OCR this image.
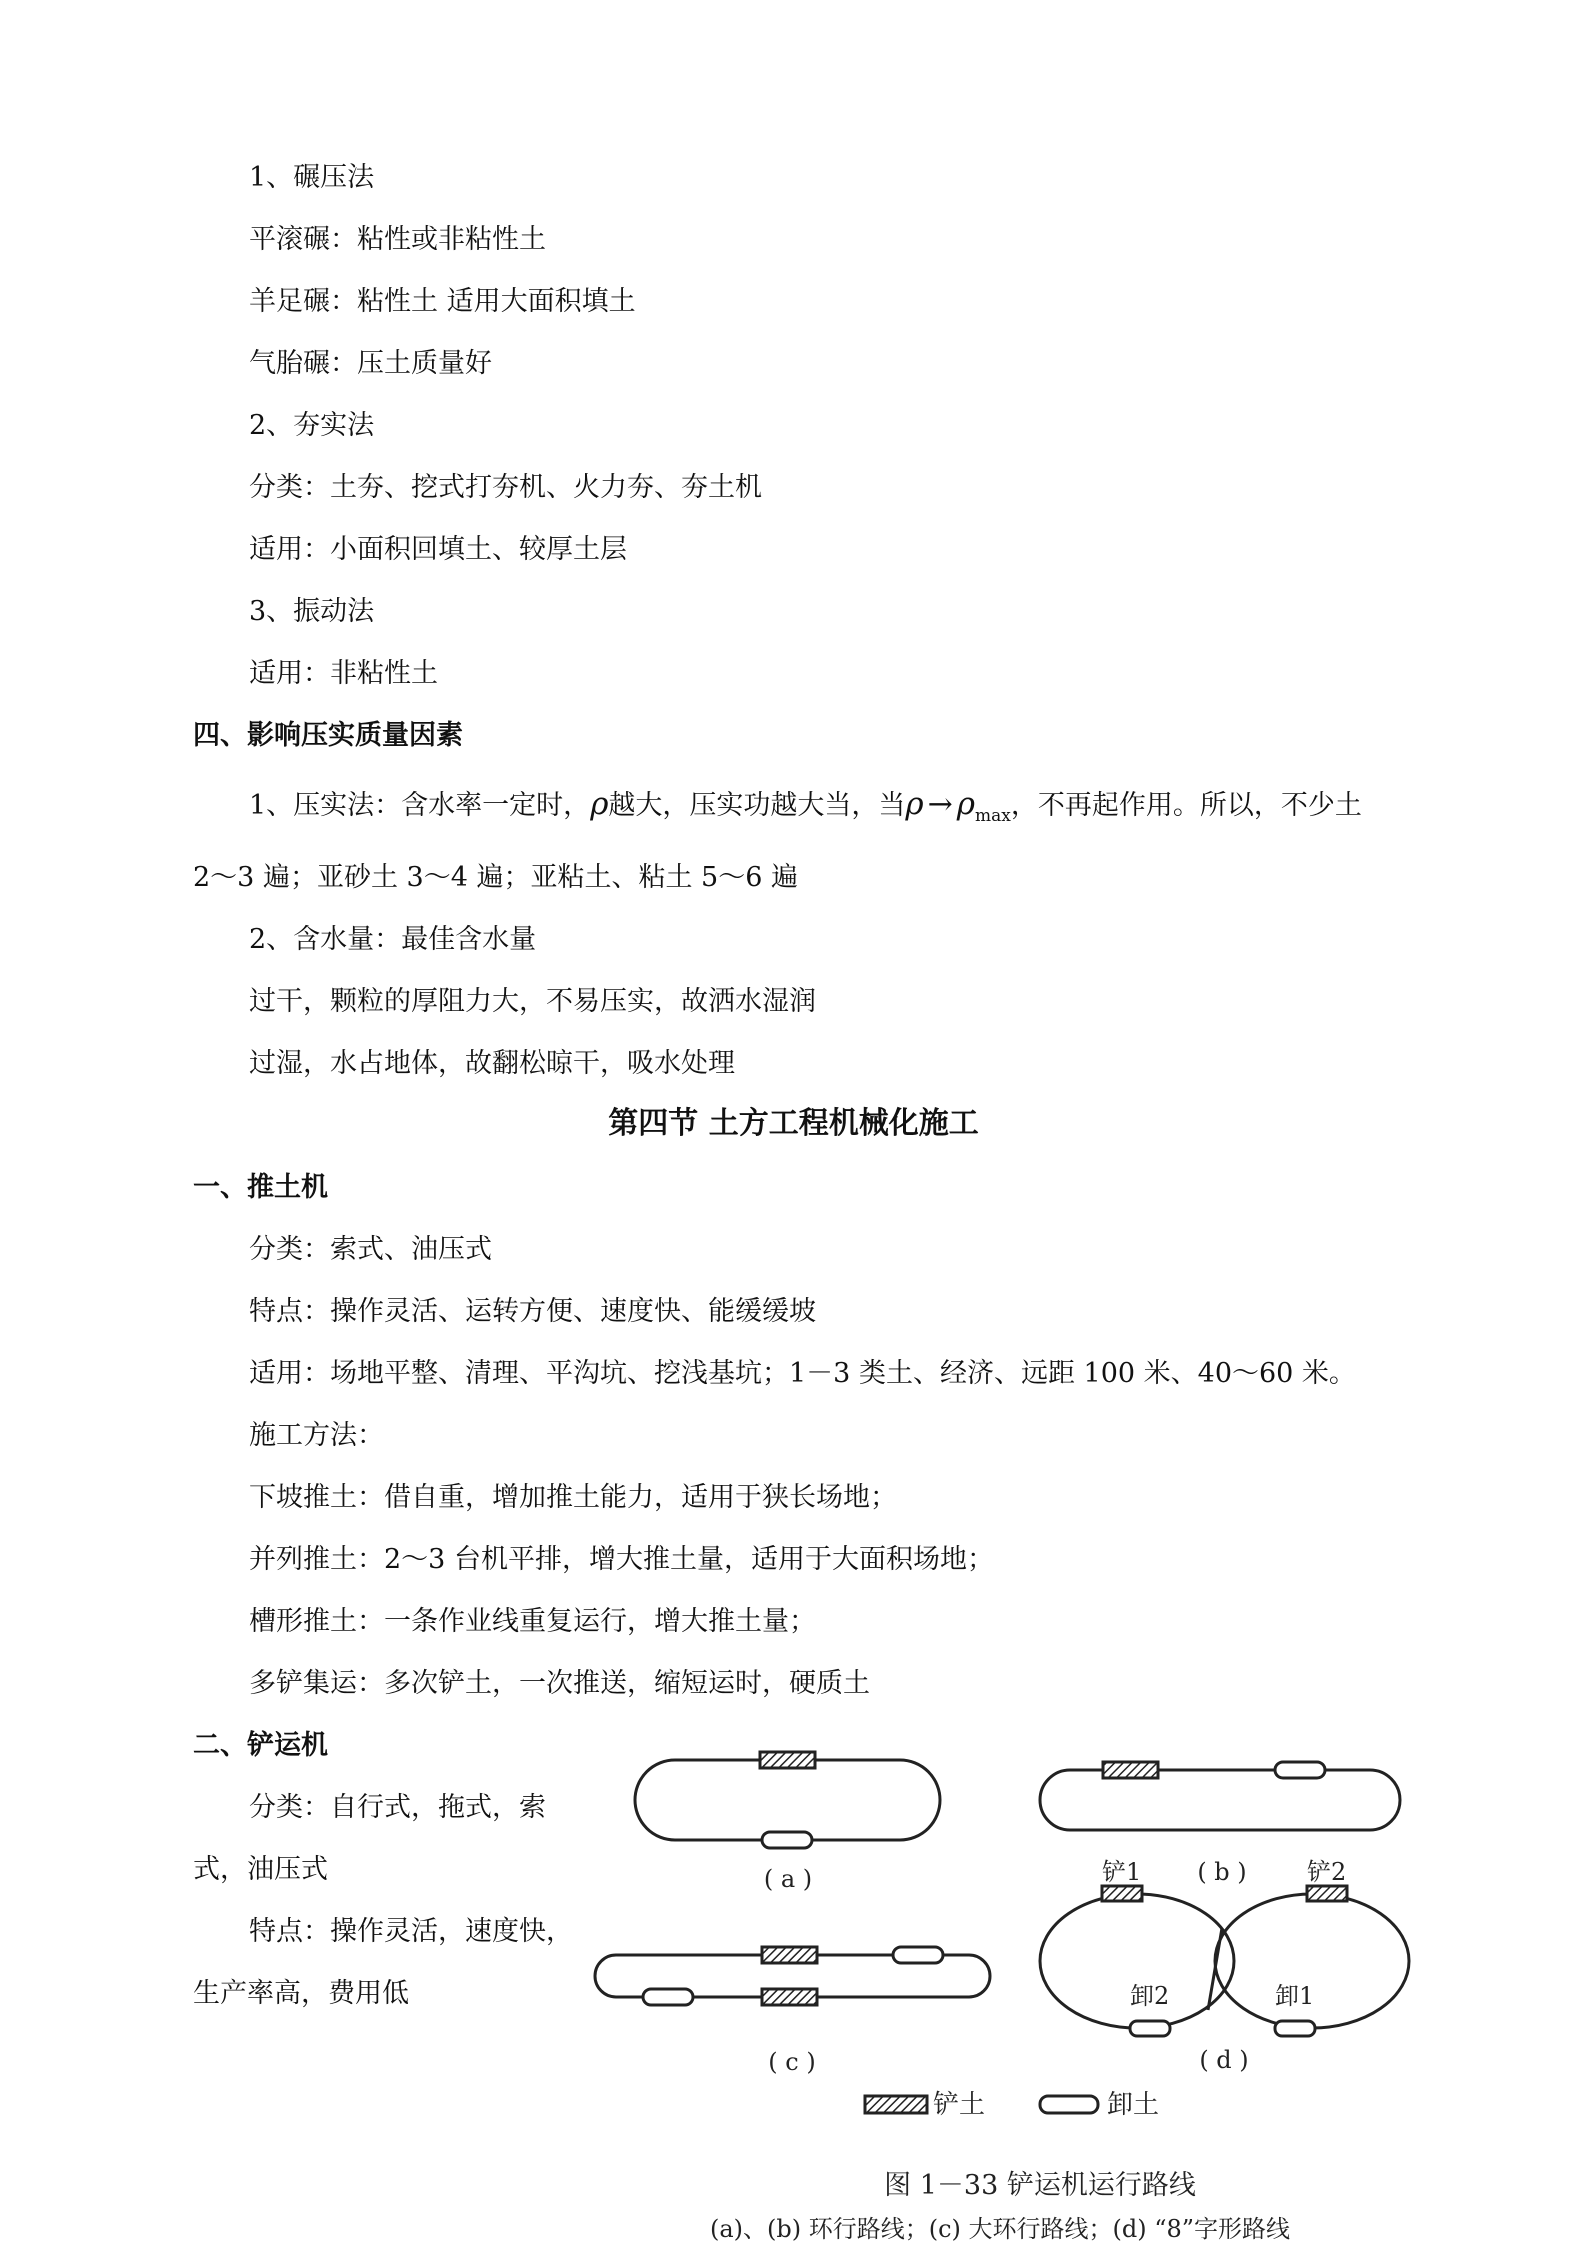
1、碾压法
平滚碾：粘性或非粘性土
羊足碾：粘性土 适用大面积填土
气胎碾：压土质量好
2、夯实法
分类：土夯、挖式打夯机、火力夯、夯土机
适用：小面积回填土、较厚土层
3、振动法
适用：非粘性土
四、影响压实质量因素
1、压实法：含水率一定时，ρ越大，压实功越大当，当$\rho \to \rho_{max}$，不再起作用。所以，不少土
2～3 遍；亚砂土 3～4 遍；亚粘土、粘土 5～6 遍
2、含水量：最佳含水量
过干，颗粒的厚阻力大，不易压实，故洒水湿润
过湿，水占地体，故翻松晾干，吸水处理
第四节 土方工程机械化施工
一、推土机
分类：索式、油压式
特点：操作灵活、运转方便、速度快、能缓缓坡
适用：场地平整、清理、平沟坑、挖浅基坑；1－3 类土、经济、远距 100 米、40～60 米。
施工方法：
下坡推土：借自重，增加推土能力，适用于狭长场地；
并列推土：2～3 台机平排，增大推土量，适用于大面积场地；
槽形推土：一条作业线重复运行，增大推土量；
多铲集运：多次铲土，一次推送，缩短运时，硬质土
二、铲运机
分类：自行式，拖式，索
式，油压式
特点：操作灵活，速度快，
生产率高，费用低
( a )	( b )
( c )
铲1	铲2
卸2	卸1
( d )
铲土	卸土
图 1－33 铲运机运行路线
(a)、(b) 环行路线；(c) 大环行路线；(d) “8”字形路线
